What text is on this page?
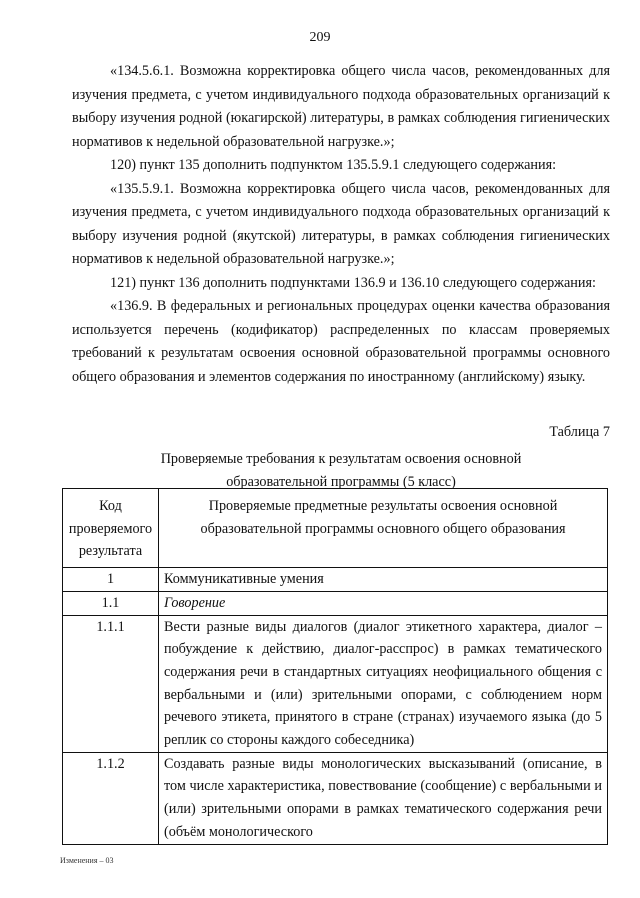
209

«134.5.6.1. Возможна корректировка общего числа часов, рекомендованных для изучения предмета, с учетом индивидуального подхода образовательных организаций к выбору изучения родной (юкагирской) литературы, в рамках соблюдения гигиенических нормативов к недельной образовательной нагрузке.»;

120) пункт 135 дополнить подпунктом 135.5.9.1 следующего содержания:

«135.5.9.1. Возможна корректировка общего числа часов, рекомендованных для изучения предмета, с учетом индивидуального подхода образовательных организаций к выбору изучения родной (якутской) литературы, в рамках соблюдения гигиенических нормативов к недельной образовательной нагрузке.»;

121) пункт 136 дополнить подпунктами 136.9 и 136.10 следующего содержания:

«136.9. В федеральных и региональных процедурах оценки качества образования используется перечень (кодификатор) распределенных по классам проверяемых требований к результатам освоения основной образовательной программы основного общего образования и элементов содержания по иностранному (английскому) языку.

Таблица 7
Проверяемые требования к результатам освоения основной
образовательной программы (5 класс)
Код проверяемого результата	Проверяемые предметные результаты освоения основной образовательной программы основного общего образования
1	Коммуникативные умения
1.1	Говорение
1.1.1	Вести разные виды диалогов (диалог этикетного характера, диалог – побуждение к действию, диалог-расспрос) в рамках тематического содержания речи в стандартных ситуациях неофициального общения с вербальными и (или) зрительными опорами, с соблюдением норм речевого этикета, принятого в стране (странах) изучаемого языка (до 5 реплик со стороны каждого собеседника)
1.1.2	Создавать разные виды монологических высказываний (описание, в том числе характеристика, повествование (сообщение) с вербальными и (или) зрительными опорами в рамках тематического содержания речи (объём монологического
Изменения – 03
